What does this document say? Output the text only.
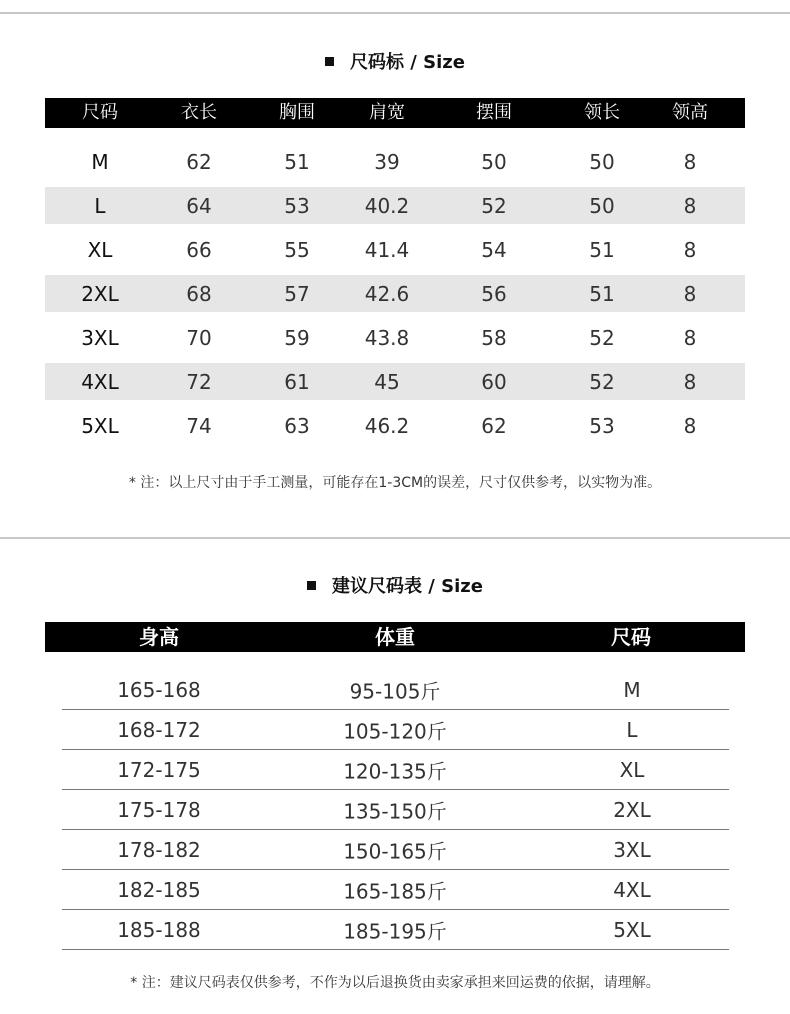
尺码标 / Size
尺码	衣长	胸围	肩宽	摆围	领长	领高
M	62	51	39	50	50	8
L	64	53	40.2	52	50	8
XL	66	55	41.4	54	51	8
2XL	68	57	42.6	56	51	8
3XL	70	59	43.8	58	52	8
4XL	72	61	45	60	52	8
5XL	74	63	46.2	62	53	8
* 注：以上尺寸由于手工测量，可能存在1-3CM的误差，尺寸仅供参考，以实物为准。
建议尺码表 / Size
身高	体重	尺码
165-168	95-105斤	M
168-172	105-120斤	L
172-175	120-135斤	XL
175-178	135-150斤	2XL
178-182	150-165斤	3XL
182-185	165-185斤	4XL
185-188	185-195斤	5XL
* 注：建议尺码表仅供参考，不作为以后退换货由卖家承担来回运费的依据，请理解。
